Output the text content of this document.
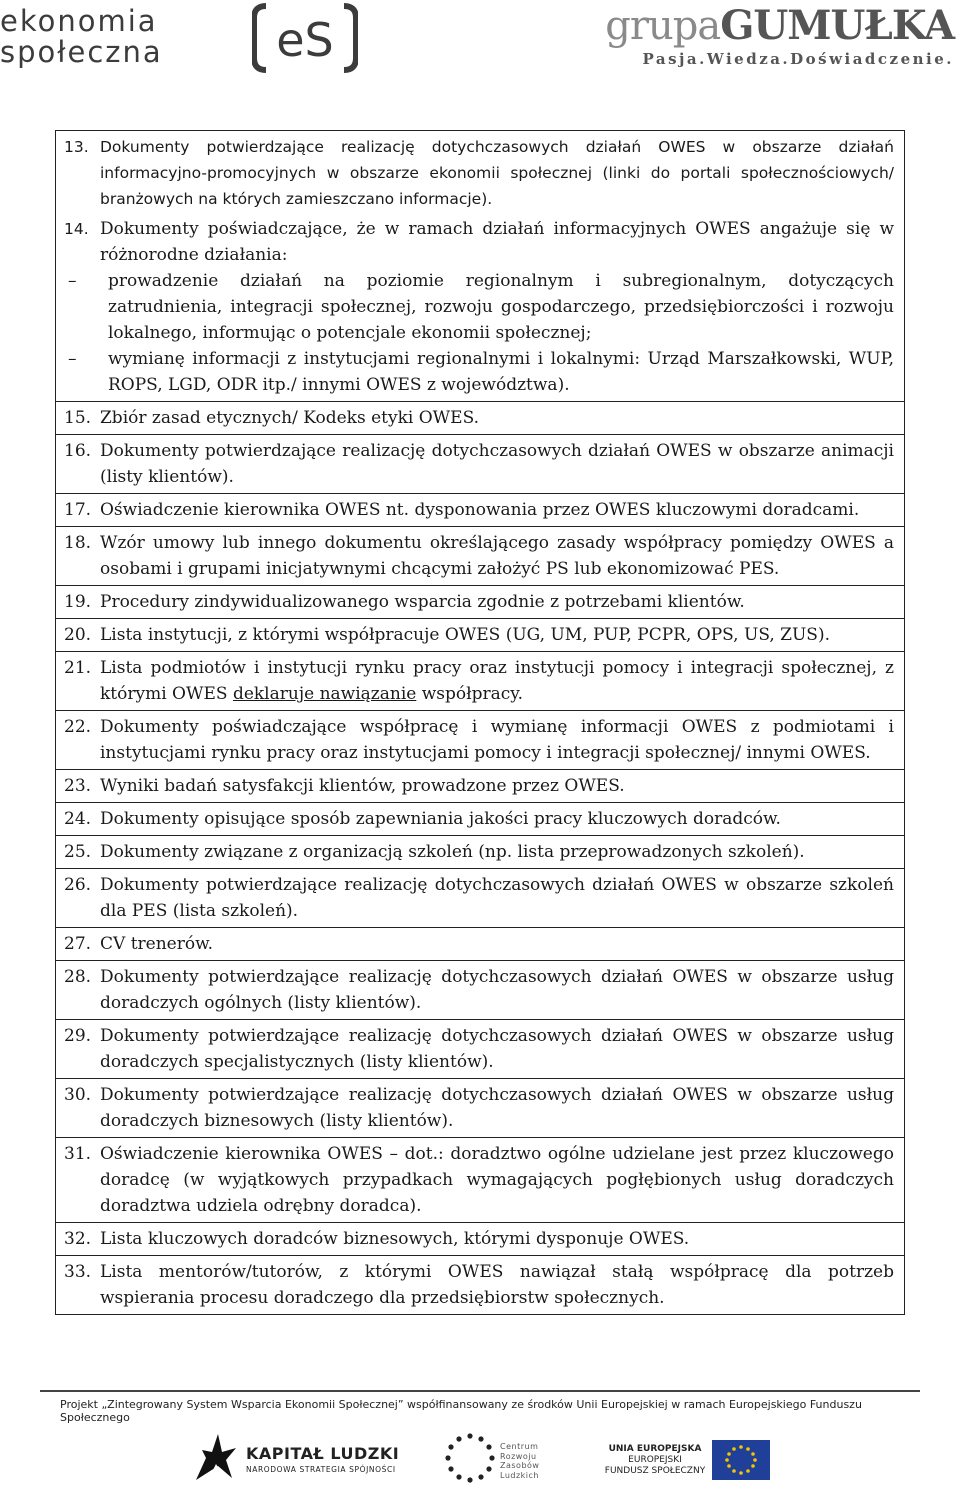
ekonomia
społeczna eS	grupaGUMUŁKA
Pasja.Wiedza.Doświadczenie.
13. Dokumenty potwierdzające realizację dotychczasowych działań OWES w obszarze działań informacyjno-promocyjnych w obszarze ekonomii społecznej (linki do portali społecznościowych/ branżowych na których zamieszczano informacje).
14. Dokumenty poświadczające, że w ramach działań informacyjnych OWES angażuje się w różnorodne działania:
–	prowadzenie działań na poziomie regionalnym i subregionalnym, dotyczących zatrudnienia, integracji społecznej, rozwoju gospodarczego, przedsiębiorczości i rozwoju lokalnego, informując o potencjale ekonomii społecznej;
–	wymianę informacji z instytucjami regionalnymi i lokalnymi: Urząd Marszałkowski, WUP, ROPS, LGD, ODR itp./ innymi OWES z województwa).

15. Zbiór zasad etycznych/ Kodeks etyki OWES.

16. Dokumenty potwierdzające realizację dotychczasowych działań OWES w obszarze animacji (listy klientów).

17. Oświadczenie kierownika OWES nt. dysponowania przez OWES kluczowymi doradcami.

18. Wzór umowy lub innego dokumentu określającego zasady współpracy pomiędzy OWES a osobami i grupami inicjatywnymi chcącymi założyć PS lub ekonomizować PES.

19. Procedury zindywidualizowanego wsparcia zgodnie z potrzebami klientów.

20. Lista instytucji, z którymi współpracuje OWES (UG, UM, PUP, PCPR, OPS, US, ZUS).

21. Lista podmiotów i instytucji rynku pracy oraz instytucji pomocy i integracji społecznej, z którymi OWES deklaruje nawiązanie współpracy.

22. Dokumenty poświadczające współpracę i wymianę informacji OWES z podmiotami i instytucjami rynku pracy oraz instytucjami pomocy i integracji społecznej/ innymi OWES.

23. Wyniki badań satysfakcji klientów, prowadzone przez OWES.

24. Dokumenty opisujące sposób zapewniania jakości pracy kluczowych doradców.

25. Dokumenty związane z organizacją szkoleń (np. lista przeprowadzonych szkoleń).

26. Dokumenty potwierdzające realizację dotychczasowych działań OWES w obszarze szkoleń dla PES (lista szkoleń).

27. CV trenerów.

28. Dokumenty potwierdzające realizację dotychczasowych działań OWES w obszarze usług doradczych ogólnych (listy klientów).

29. Dokumenty potwierdzające realizację dotychczasowych działań OWES w obszarze usług doradczych specjalistycznych (listy klientów).

30. Dokumenty potwierdzające realizację dotychczasowych działań OWES w obszarze usług doradczych biznesowych (listy klientów).

31. Oświadczenie kierownika OWES – dot.: doradztwo ogólne udzielane jest przez kluczowego doradcę (w wyjątkowych przypadkach wymagających pogłębionych usług doradczych doradztwa udziela odrębny doradca).

32. Lista kluczowych doradców biznesowych, którymi dysponuje OWES.

33. Lista mentorów/tutorów, z którymi OWES nawiązał stałą współpracę dla potrzeb wspierania procesu doradczego dla przedsiębiorstw społecznych.
Projekt „Zintegrowany System Wsparcia Ekonomii Społecznej” współfinansowany ze środków Unii Europejskiej w ramach Europejskiego Funduszu Społecznego
KAPITAŁ LUDZKI
NARODOWA STRATEGIA SPÓJNOŚCI
Centrum
Rozwoju
Zasobów
Ludzkich
UNIA EUROPEJSKA
EUROPEJSKI
FUNDUSZ SPOŁECZNY
